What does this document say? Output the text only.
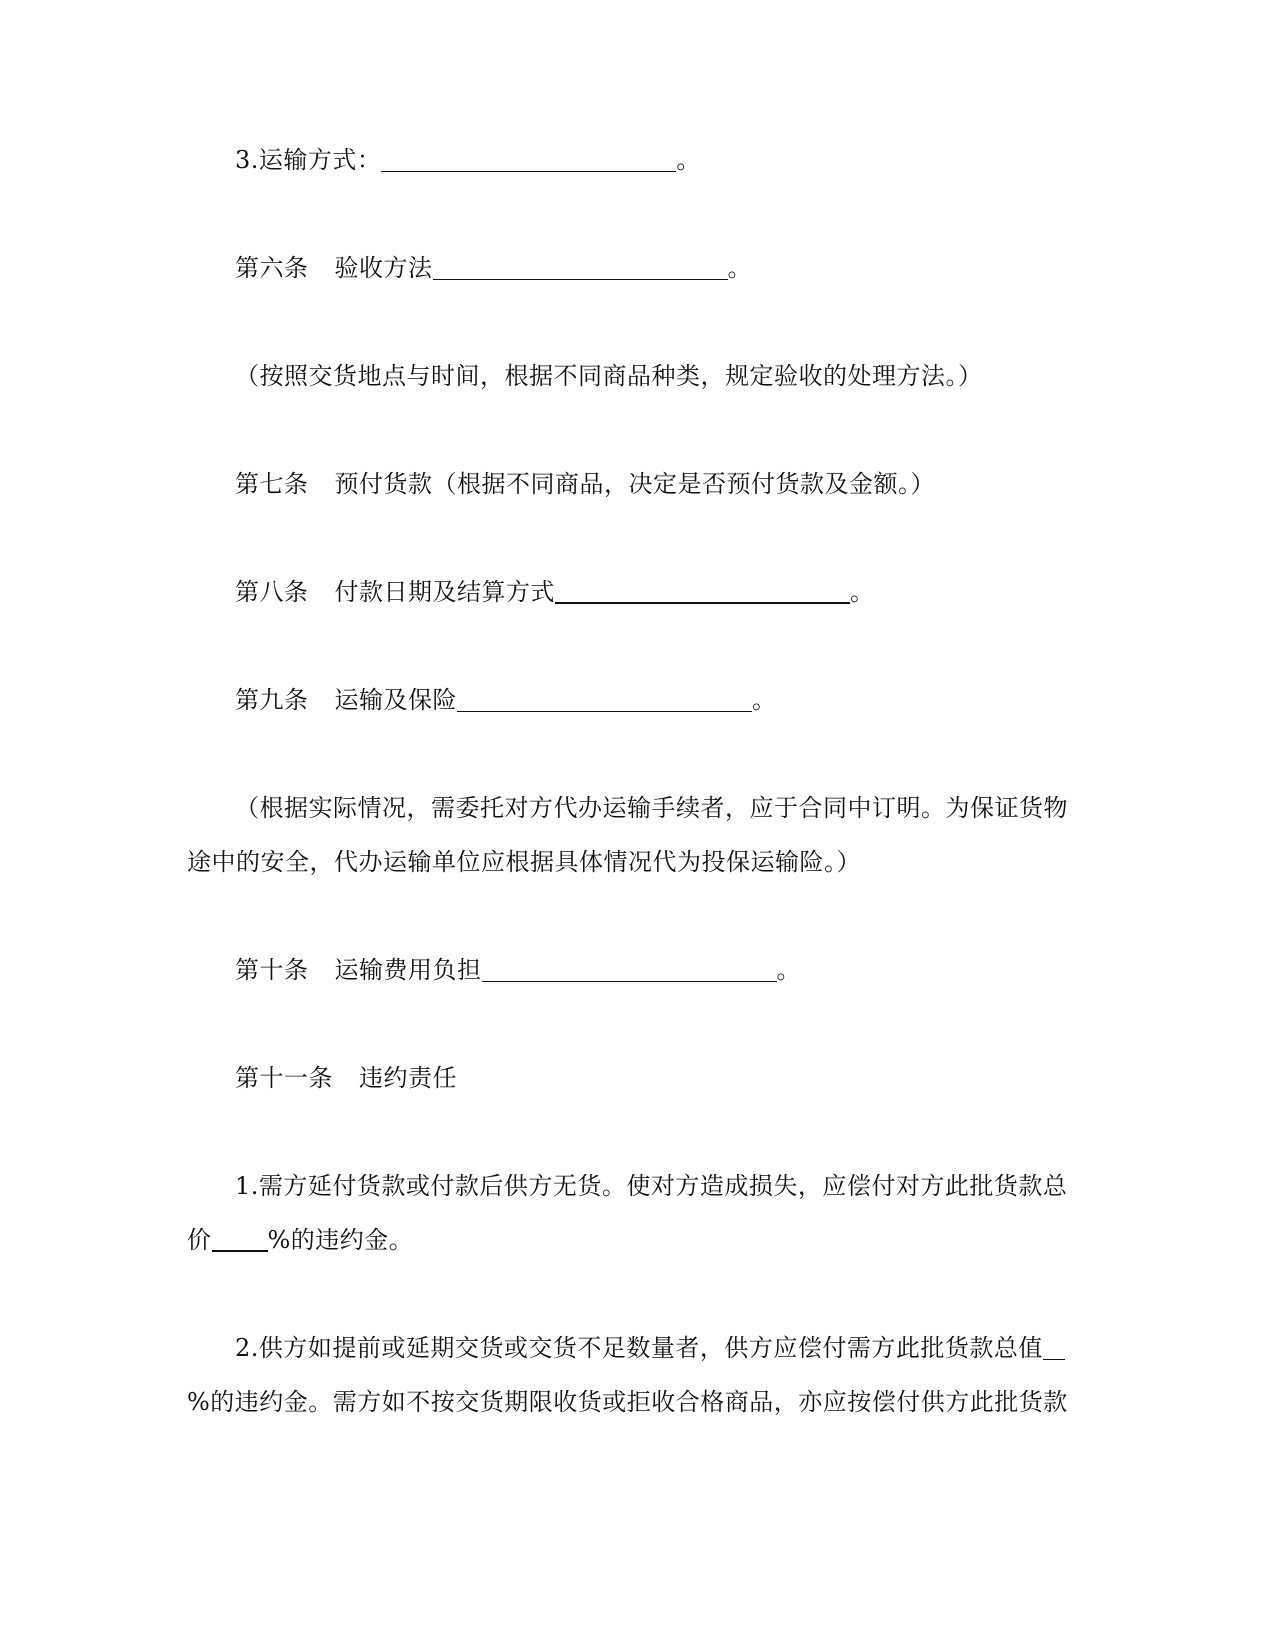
3.运输方式：	。
第六条 验收方法	。
（按照交货地点与时间，根据不同商品种类，规定验收的处理方法。）
第七条 预付货款（根据不同商品，决定是否预付货款及金额。）
第八条 付款日期及结算方式	。
第九条 运输及保险	。
（根据实际情况，需委托对方代办运输手续者，应于合同中订明。为保证货物
途中的安全，代办运输单位应根据具体情况代为投保运输险。）
第十条 运输费用负担	。
第十一条 违约责任
1.需方延付货款或付款后供方无货。使对方造成损失，应偿付对方此批货款总
价 %的违约金。
2.供方如提前或延期交货或交货不足数量者，供方应偿付需方此批货款总值
%的违约金。需方如不按交货期限收货或拒收合格商品，亦应按偿付供方此批货款
